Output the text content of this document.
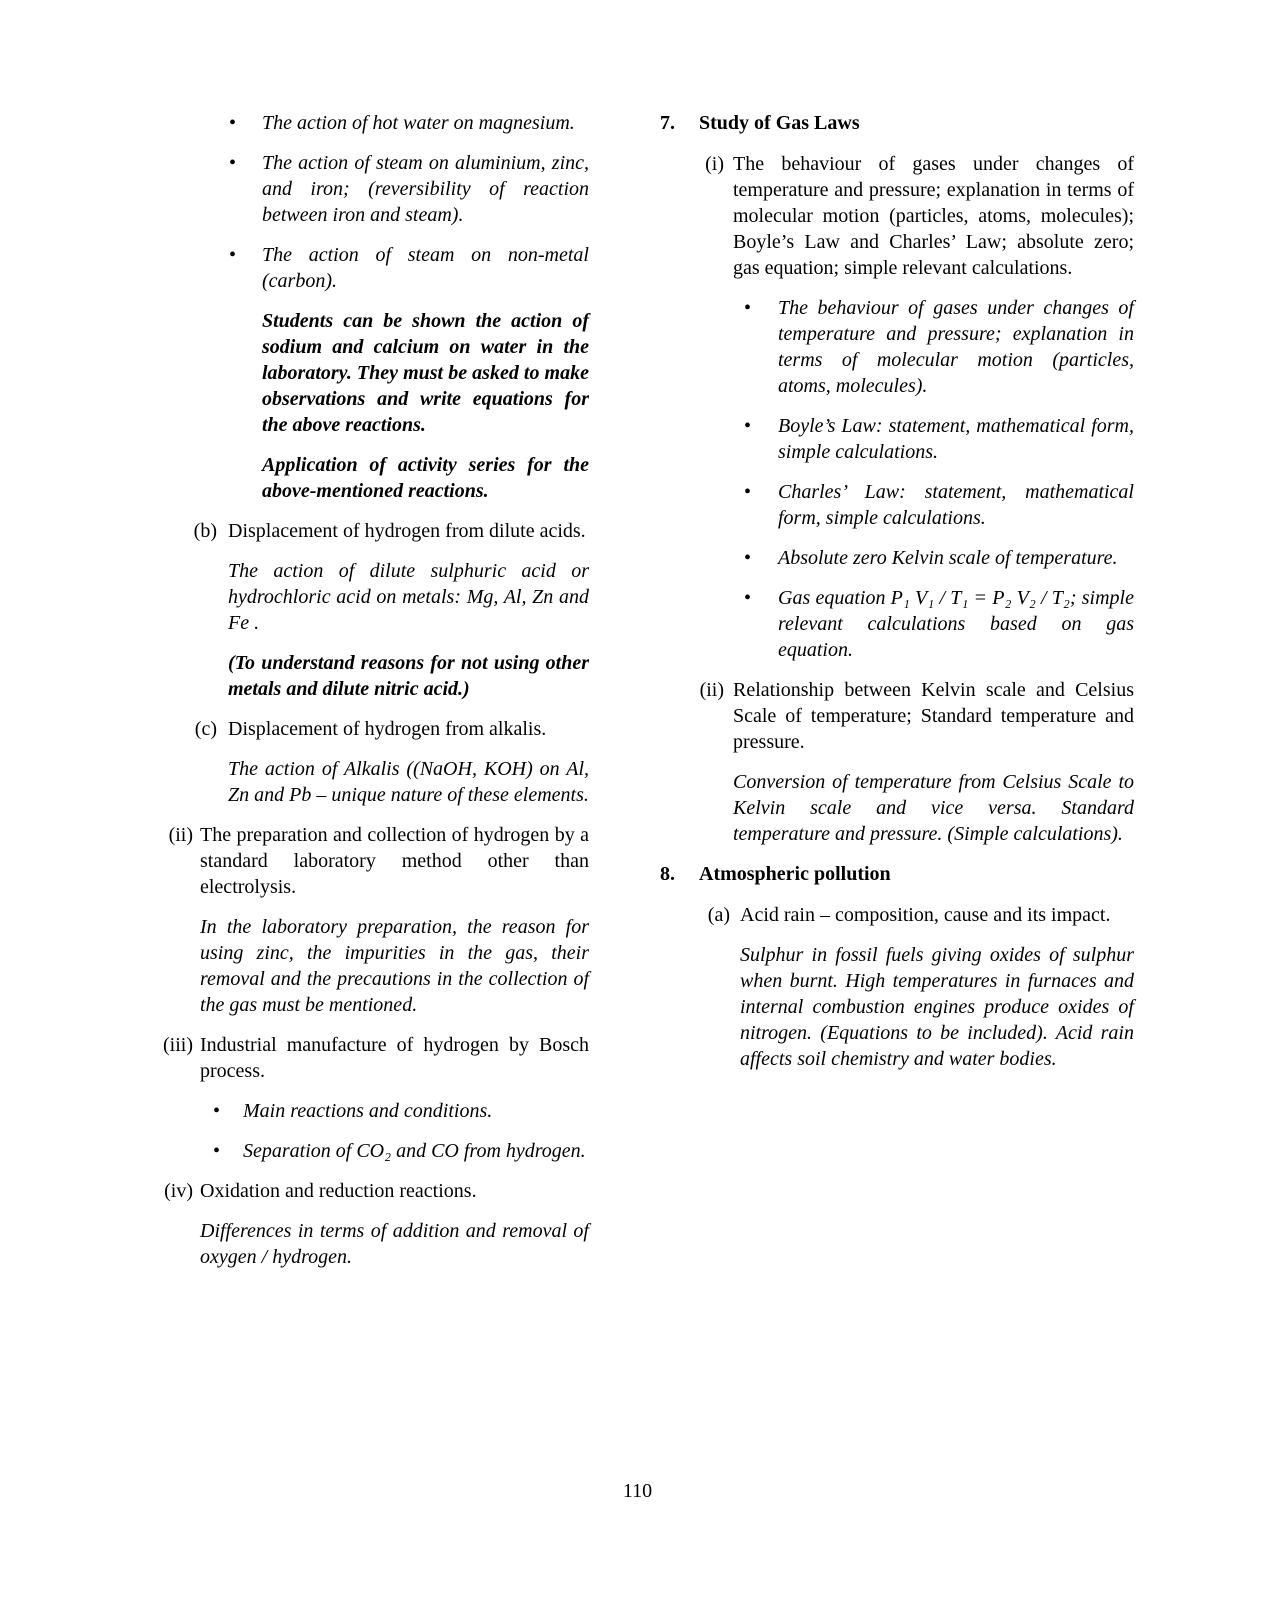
• The action of hot water on magnesium.
• The action of steam on aluminium, zinc, and iron; (reversibility of reaction between iron and steam).
• The action of steam on non-metal (carbon).
Students can be shown the action of sodium and calcium on water in the laboratory. They must be asked to make observations and write equations for the above reactions.
Application of activity series for the above-mentioned reactions.
(b) Displacement of hydrogen from dilute acids.
The action of dilute sulphuric acid or hydrochloric acid on metals: Mg, Al, Zn and Fe .
(To understand reasons for not using other metals and dilute nitric acid.)
(c) Displacement of hydrogen from alkalis.
The action of Alkalis ((NaOH, KOH) on Al, Zn and Pb – unique nature of these elements.
(ii) The preparation and collection of hydrogen by a standard laboratory method other than electrolysis.
In the laboratory preparation, the reason for using zinc, the impurities in the gas, their removal and the precautions in the collection of the gas must be mentioned.
(iii) Industrial manufacture of hydrogen by Bosch process.
• Main reactions and conditions.
• Separation of CO₂ and CO from hydrogen.
(iv) Oxidation and reduction reactions.
Differences in terms of addition and removal of oxygen / hydrogen.
7. Study of Gas Laws
(i) The behaviour of gases under changes of temperature and pressure; explanation in terms of molecular motion (particles, atoms, molecules); Boyle’s Law and Charles’ Law; absolute zero; gas equation; simple relevant calculations.
• The behaviour of gases under changes of temperature and pressure; explanation in terms of molecular motion (particles, atoms, molecules).
• Boyle’s Law: statement, mathematical form, simple calculations.
• Charles’ Law: statement, mathematical form, simple calculations.
• Absolute zero Kelvin scale of temperature.
• Gas equation P₁ V₁ / T₁ = P₂ V₂ / T₂; simple relevant calculations based on gas equation.
(ii) Relationship between Kelvin scale and Celsius Scale of temperature; Standard temperature and pressure.
Conversion of temperature from Celsius Scale to Kelvin scale and vice versa. Standard temperature and pressure. (Simple calculations).
8. Atmospheric pollution
(a) Acid rain – composition, cause and its impact.
Sulphur in fossil fuels giving oxides of sulphur when burnt. High temperatures in furnaces and internal combustion engines produce oxides of nitrogen. (Equations to be included). Acid rain affects soil chemistry and water bodies.
110
